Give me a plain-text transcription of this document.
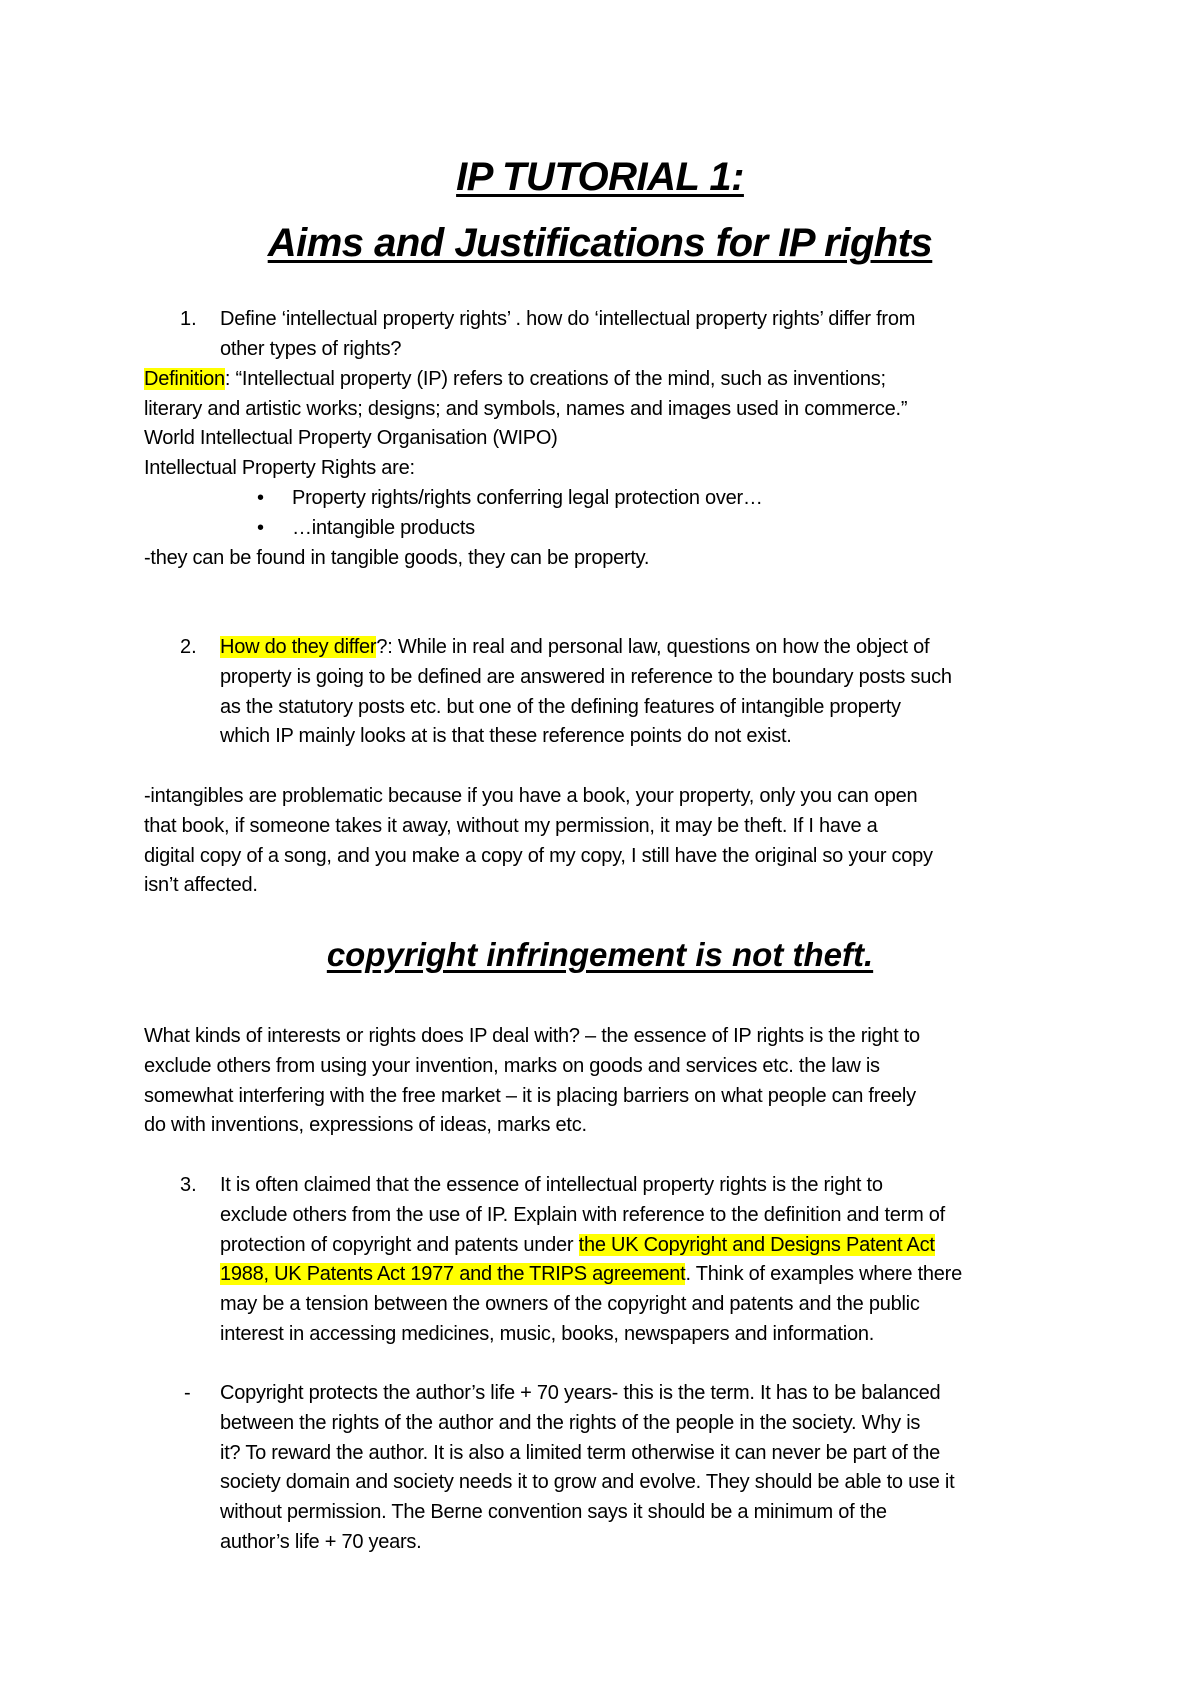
IP TUTORIAL 1:
Aims and Justifications for IP rights
1. Define ‘intellectual property rights’ . how do ‘intellectual property rights’ differ from
other types of rights?
Definition: “Intellectual property (IP) refers to creations of the mind, such as inventions;
literary and artistic works; designs; and symbols, names and images used in commerce.”
World Intellectual Property Organisation (WIPO)
Intellectual Property Rights are:
• Property rights/rights conferring legal protection over…
• …intangible products
-they can be found in tangible goods, they can be property.
2. How do they differ?: While in real and personal law, questions on how the object of
property is going to be defined are answered in reference to the boundary posts such
as the statutory posts etc. but one of the defining features of intangible property
which IP mainly looks at is that these reference points do not exist.
-intangibles are problematic because if you have a book, your property, only you can open
that book, if someone takes it away, without my permission, it may be theft. If I have a
digital copy of a song, and you make a copy of my copy, I still have the original so your copy
isn’t affected.
copyright infringement is not theft.
What kinds of interests or rights does IP deal with? – the essence of IP rights is the right to
exclude others from using your invention, marks on goods and services etc. the law is
somewhat interfering with the free market – it is placing barriers on what people can freely
do with inventions, expressions of ideas, marks etc.
3. It is often claimed that the essence of intellectual property rights is the right to
exclude others from the use of IP. Explain with reference to the definition and term of
protection of copyright and patents under the UK Copyright and Designs Patent Act
1988, UK Patents Act 1977 and the TRIPS agreement. Think of examples where there
may be a tension between the owners of the copyright and patents and the public
interest in accessing medicines, music, books, newspapers and information.
- Copyright protects the author’s life + 70 years- this is the term. It has to be balanced
between the rights of the author and the rights of the people in the society. Why is
it? To reward the author. It is also a limited term otherwise it can never be part of the
society domain and society needs it to grow and evolve. They should be able to use it
without permission. The Berne convention says it should be a minimum of the
author’s life + 70 years.
